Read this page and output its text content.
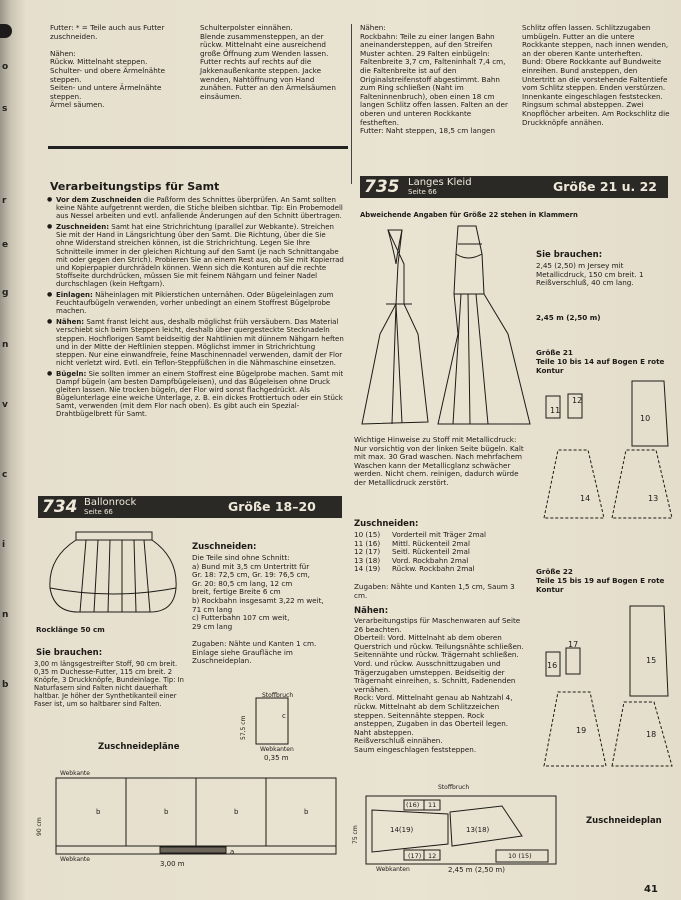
o
s
r
e
g
n
v
c
i
n
b
Futter: * = Teile auch aus Futter zuschneiden.

Nähen:
Rückw. Mittelnaht steppen.
Schulter- und obere Ärmelnähte steppen.
Seiten- und untere Ärmelnähte steppen.
Ärmel säumen.
Schulterpolster einnähen.
Blende zusammensteppen, an der rückw. Mittelnaht eine ausreichend große Öffnung zum Wenden lassen. Futter rechts auf rechts auf die Jakkenaußenkante steppen. Jacke wenden, Nahtöffnung von Hand zunähen. Futter an den Ärmelsäumen einsäumen.
Nähen:
Rockbahn: Teile zu einer langen Bahn aneinandersteppen, auf den Streifen Muster achten. 29 Falten einbügeln: Faltenbreite 3,7 cm, Falteninhalt 7,4 cm, die Faltenbreite ist auf den Originalstreifenstoff abgestimmt. Bahn zum Ring schließen (Naht im Falteninnenbruch), oben einen 18 cm langen Schlitz offen lassen. Falten an der oberen und unteren Rockkante festheften.
Futter: Naht steppen, 18,5 cm langen
Schlitz offen lassen. Schlitzzugaben umbügeln. Futter an die untere Rockkante steppen, nach innen wenden, an der oberen Kante unterheften.
Bund: Obere Rockkante auf Bundweite einreihen. Bund ansteppen, den Untertritt an die vorstehende Faltentiefe vom Schlitz steppen. Enden verstürzen. Innenkante eingeschlagen feststecken. Ringsum schmal absteppen. Zwei Knopflöcher arbeiten. Am Rockschlitz die Druckknöpfe annähen.
Verarbeitungstips für Samt
● Vor dem Zuschneiden die Paßform des Schnittes überprüfen. An Samt sollten keine Nähte aufgetrennt werden, die Stiche bleiben sichtbar. Tip: Ein Probemodell aus Nessel arbeiten und evtl. anfallende Änderungen auf den Schnitt übertragen.
● Zuschneiden: Samt hat eine Strichrichtung (parallel zur Webkante). Streichen Sie mit der Hand in Längsrichtung über den Samt. Die Richtung, über die Sie ohne Widerstand streichen können, ist die Strichrichtung. Legen Sie Ihre Schnitteile immer in der gleichen Richtung auf den Samt (je nach Schnittangabe mit oder gegen den Strich). Probieren Sie an einem Rest aus, ob Sie mit Kopierrad und Kopierpapier durchrädeln können. Wenn sich die Konturen auf die rechte Stoffseite durchdrücken, müssen Sie mit feinem Nähgarn und feiner Nadel durchschlagen (kein Heftgarn).
● Einlagen: Näheinlagen mit Pikierstichen unternähen. Oder Bügeleinlagen zum Feuchtaufbügeln verwenden, vorher unbedingt an einem Stoffrest Bügelprobe machen.
● Nähen: Samt franst leicht aus, deshalb möglichst früh versäubern. Das Material verschiebt sich beim Steppen leicht, deshalb über quergesteckte Stecknadeln steppen. Hochflorigen Samt beidseitig der Nahtlinien mit dünnem Nähgarn heften und in der Mitte der Heftlinien steppen. Möglichst immer in Strichrichtung steppen. Nur eine einwandfreie, feine Maschinennadel verwenden, damit der Flor nicht verletzt wird. Evtl. ein Teflon-Steppfüßchen in die Nähmaschine einsetzen.
● Bügeln: Sie sollten immer an einem Stoffrest eine Bügelprobe machen. Samt mit Dampf bügeln (am besten Dampfbügeleisen), und das Bügeleisen ohne Druck gleiten lassen. Nie trocken bügeln, der Flor wird sonst flachgedrückt. Als Bügelunterlage eine weiche Unterlage, z. B. ein dickes Frottiertuch oder ein Stück Samt, verwenden (mit dem Flor nach oben). Es gibt auch ein Spezial-Drahtbügelbrett für Samt.
735 Langes Kleid
Seite 66	Größe 21 u. 22
Abweichende Angaben für Größe 22 stehen in Klammern
Sie brauchen:
2,45 (2,50) m Jersey mit Metallicdruck, 150 cm breit. 1 Reißverschluß, 40 cm lang.
2,45 m (2,50 m)
Größe 21
Teile 10 bis 14 auf Bogen E rote Kontur
11
12
10
14	13
Größe 22
Teile 15 bis 19 auf Bogen E rote Kontur
16
17
15
19	18
Wichtige Hinweise zu Stoff mit Metallicdruck:
Nur vorsichtig von der linken Seite bügeln. Kalt mit max. 30 Grad waschen. Nach mehrfachem Waschen kann der Metallicglanz schwächer werden. Nicht chem. reinigen, dadurch würde der Metallicdruck zerstört.
Zuschneiden:
10 (15) Vorderteil mit Träger 2mal
11 (16) Mittl. Rückenteil 2mal
12 (17) Seitl. Rückenteil 2mal
13 (18) Vord. Rockbahn 2mal
14 (19) Rückw. Rockbahn 2mal
Zugaben: Nähte und Kanten 1,5 cm, Saum 3 cm.
Nähen:
Verarbeitungstips für Maschenwaren auf Seite 26 beachten.
Oberteil: Vord. Mittelnaht ab dem oberen Querstrich und rückw. Teilungsnähte schließen. Seitennähte und rückw. Trägernaht schließen. Vord. und rückw. Ausschnittzugaben und Trägerzugaben umsteppen. Beidseitig der Trägernaht einreihen, s. Schnitt, Fadenenden vernähen.
Rock: Vord. Mittelnaht genau ab Nahtzahl 4, rückw. Mittelnaht ab dem Schlitzzeichen steppen. Seitennähte steppen. Rock ansteppen, Zugaben in das Oberteil legen. Naht absteppen.
Reißverschluß einnähen.
Saum eingeschlagen feststeppen.
734 Ballonrock
Seite 66	Größe 18–20
Rocklänge 50 cm
Sie brauchen:
3,00 m längsgestreifter Stoff, 90 cm breit. 0,35 m Duchesse-Futter, 115 cm breit. 2 Knöpfe, 3 Druckknöpfe, Bundeinlage. Tip: In Naturfasern sind Falten nicht dauerhaft haltbar. Je höher der Synthetikanteil einer Faser ist, um so haltbarer sind Falten.
Zuschneiden:
Die Teile sind ohne Schnitt:
a) Bund mit 3,5 cm Untertritt für
Gr. 18: 72,5 cm, Gr. 19: 76,5 cm,
Gr. 20: 80,5 cm lang, 12 cm
breit, fertige Breite 6 cm
b) Rockbahn insgesamt 3,22 m weit,
71 cm lang
c) Futterbahn 107 cm weit,
29 cm lang
Zugaben: Nähte und Kanten 1 cm.
Einlage siehe Graufläche im Zuschneideplan.
Stoffbruch
c
57,5 cm
Webkanten
0,35 m
Zuschneidepläne
Webkante
Webkante
b	b	b	b
a
90 cm
3,00 m
Stoffbruch
(16) 11
14(19)	13(18)
(17) 12	10 (15)
75 cm
Webkanten	2,45 m (2,50 m)
Zuschneideplan
41
